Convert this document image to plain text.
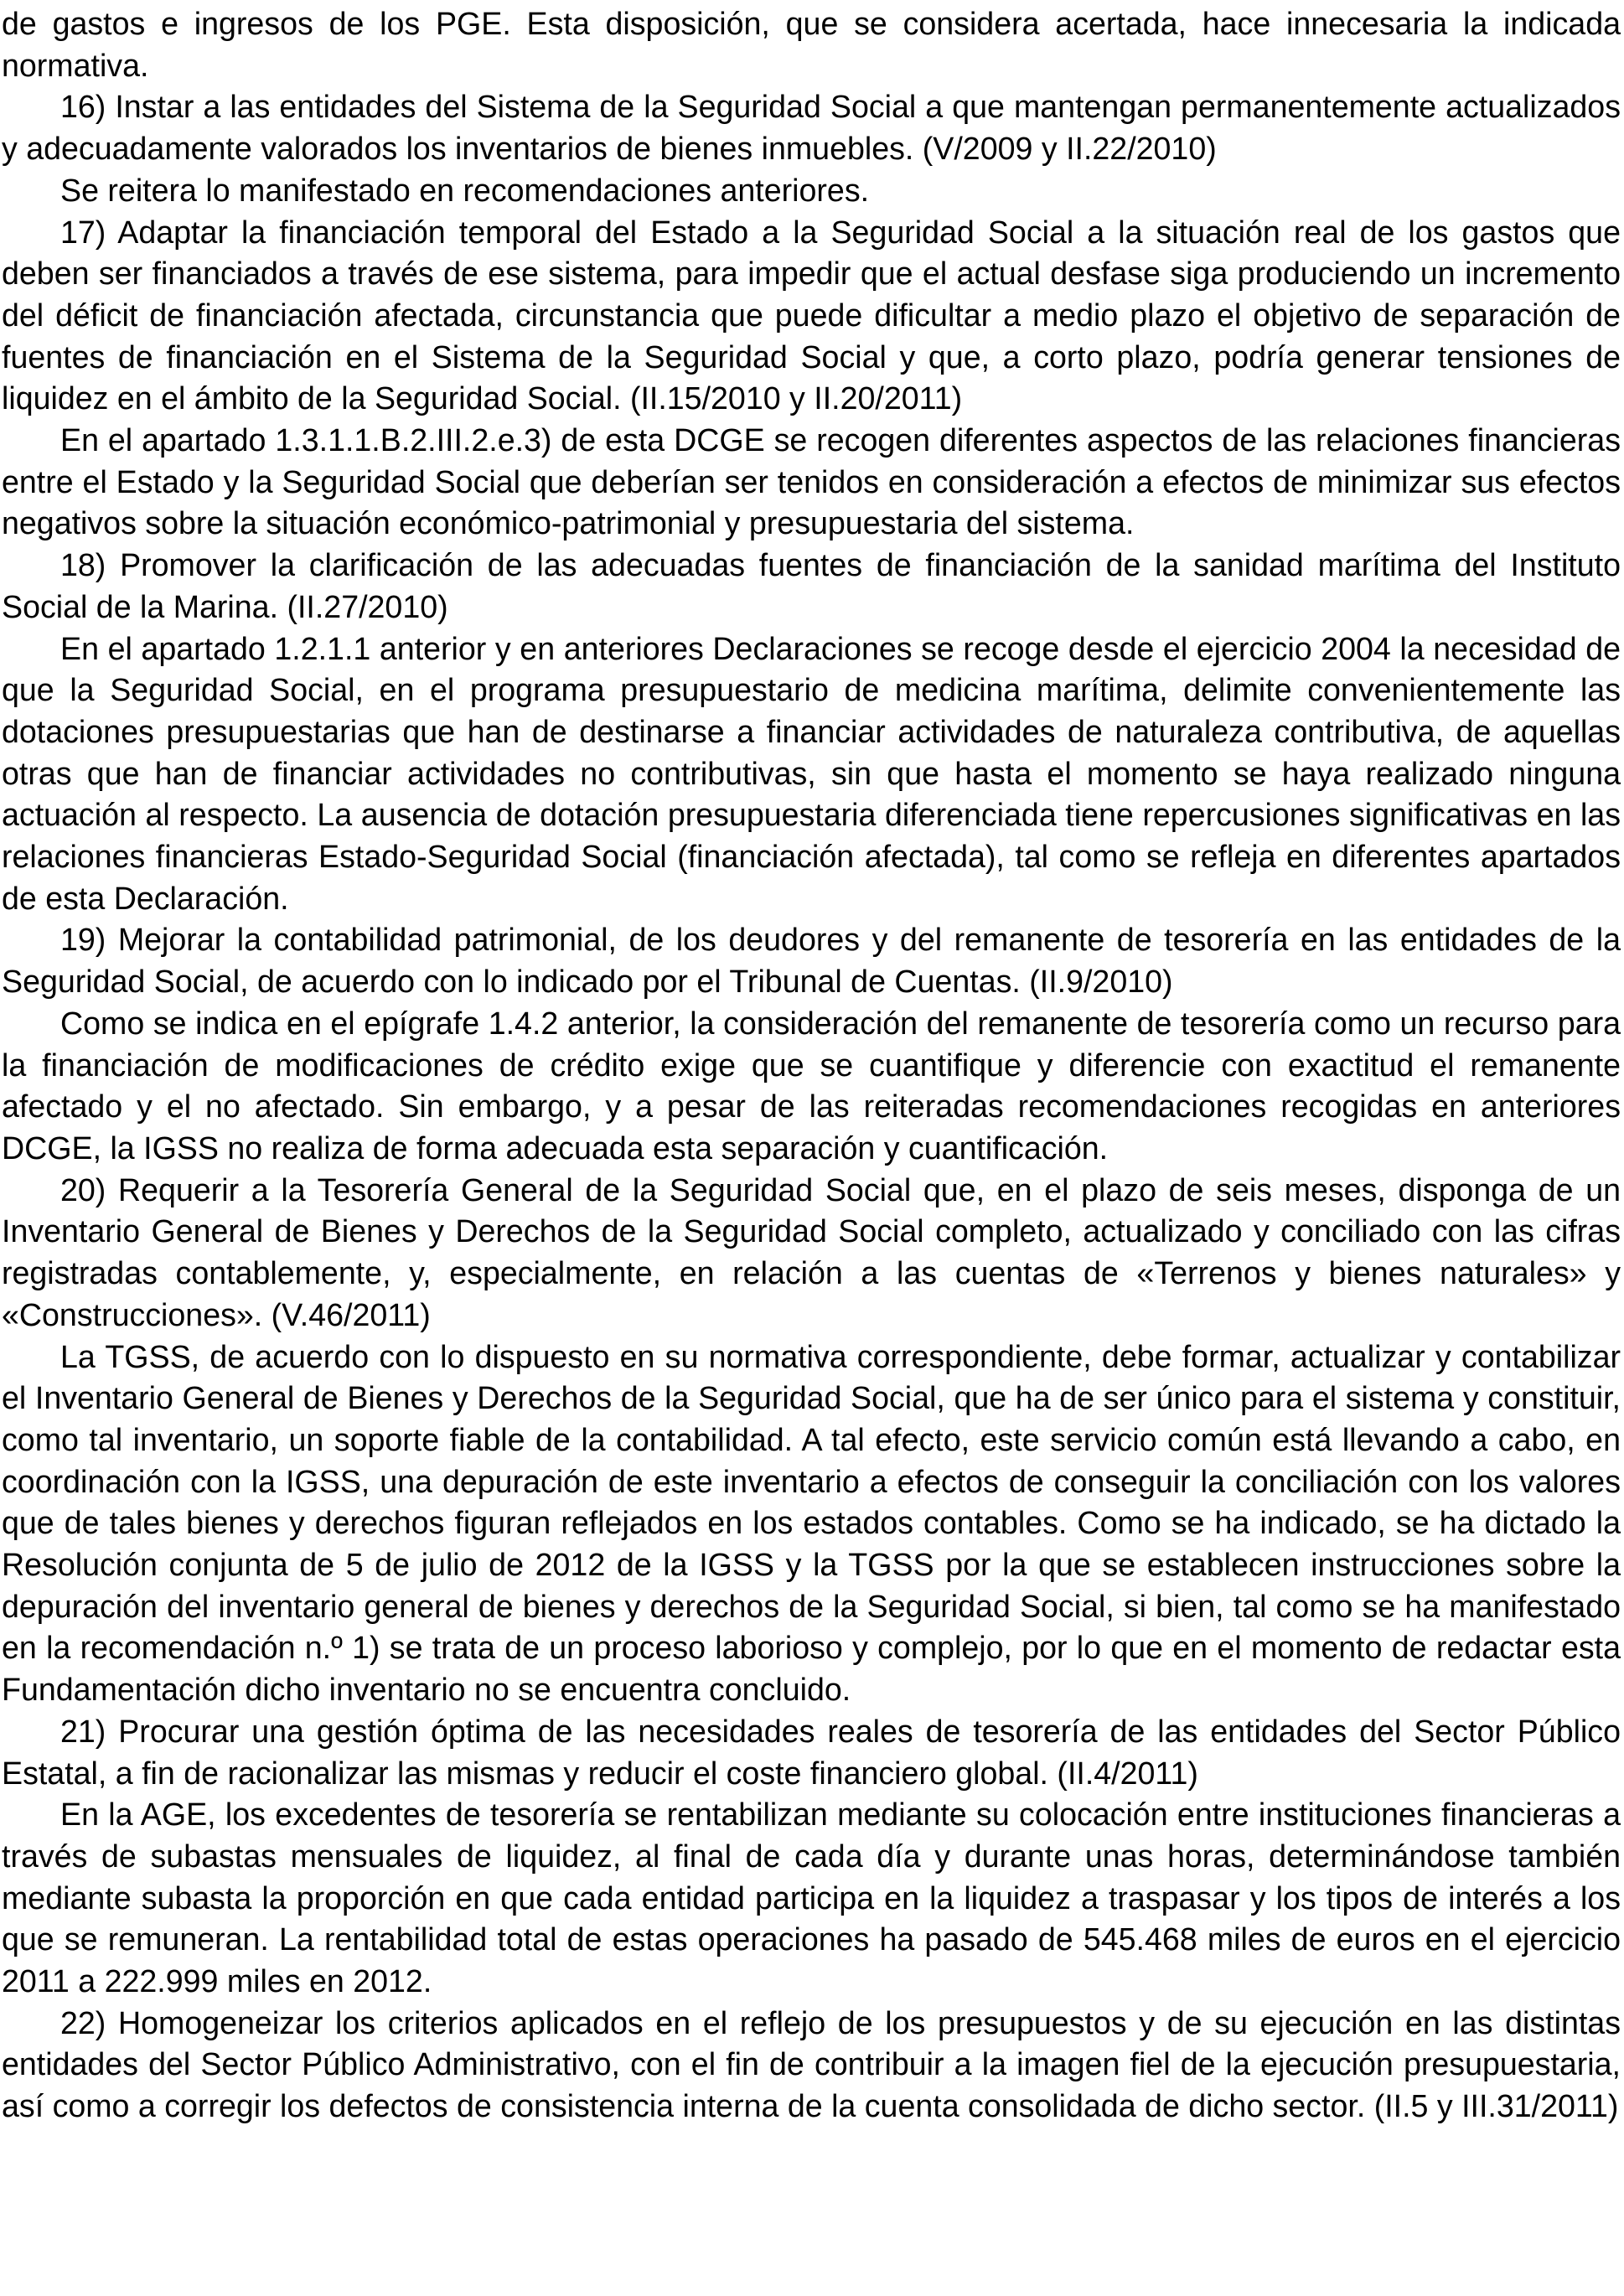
de gastos e ingresos de los PGE. Esta disposición, que se considera acertada, hace innecesaria la indicada normativa.

16) Instar a las entidades del Sistema de la Seguridad Social a que mantengan permanentemente actualizados y adecuadamente valorados los inventarios de bienes inmuebles. (V/2009 y II.22/2010)

Se reitera lo manifestado en recomendaciones anteriores.

17) Adaptar la financiación temporal del Estado a la Seguridad Social a la situación real de los gastos que deben ser financiados a través de ese sistema, para impedir que el actual desfase siga produciendo un incremento del déficit de financiación afectada, circunstancia que puede dificultar a medio plazo el objetivo de separación de fuentes de financiación en el Sistema de la Seguridad Social y que, a corto plazo, podría generar tensiones de liquidez en el ámbito de la Seguridad Social. (II.15/2010 y II.20/2011)

En el apartado 1.3.1.1.B.2.III.2.e.3) de esta DCGE se recogen diferentes aspectos de las relaciones financieras entre el Estado y la Seguridad Social que deberían ser tenidos en consideración a efectos de minimizar sus efectos negativos sobre la situación económico-patrimonial y presupuestaria del sistema.

18) Promover la clarificación de las adecuadas fuentes de financiación de la sanidad marítima del Instituto Social de la Marina. (II.27/2010)

En el apartado 1.2.1.1 anterior y en anteriores Declaraciones se recoge desde el ejercicio 2004 la necesidad de que la Seguridad Social, en el programa presupuestario de medicina marítima, delimite convenientemente las dotaciones presupuestarias que han de destinarse a financiar actividades de naturaleza contributiva, de aquellas otras que han de financiar actividades no contributivas, sin que hasta el momento se haya realizado ninguna actuación al respecto. La ausencia de dotación presupuestaria diferenciada tiene repercusiones significativas en las relaciones financieras Estado-Seguridad Social (financiación afectada), tal como se refleja en diferentes apartados de esta Declaración.

19) Mejorar la contabilidad patrimonial, de los deudores y del remanente de tesorería en las entidades de la Seguridad Social, de acuerdo con lo indicado por el Tribunal de Cuentas. (II.9/2010)

Como se indica en el epígrafe 1.4.2 anterior, la consideración del remanente de tesorería como un recurso para la financiación de modificaciones de crédito exige que se cuantifique y diferencie con exactitud el remanente afectado y el no afectado. Sin embargo, y a pesar de las reiteradas recomendaciones recogidas en anteriores DCGE, la IGSS no realiza de forma adecuada esta separación y cuantificación.

20) Requerir a la Tesorería General de la Seguridad Social que, en el plazo de seis meses, disponga de un Inventario General de Bienes y Derechos de la Seguridad Social completo, actualizado y conciliado con las cifras registradas contablemente, y, especialmente, en relación a las cuentas de «Terrenos y bienes naturales» y «Construcciones». (V.46/2011)

La TGSS, de acuerdo con lo dispuesto en su normativa correspondiente, debe formar, actualizar y contabilizar el Inventario General de Bienes y Derechos de la Seguridad Social, que ha de ser único para el sistema y constituir, como tal inventario, un soporte fiable de la contabilidad. A tal efecto, este servicio común está llevando a cabo, en coordinación con la IGSS, una depuración de este inventario a efectos de conseguir la conciliación con los valores que de tales bienes y derechos figuran reflejados en los estados contables. Como se ha indicado, se ha dictado la Resolución conjunta de 5 de julio de 2012 de la IGSS y la TGSS por la que se establecen instrucciones sobre la depuración del inventario general de bienes y derechos de la Seguridad Social, si bien, tal como se ha manifestado en la recomendación n.º 1) se trata de un proceso laborioso y complejo, por lo que en el momento de redactar esta Fundamentación dicho inventario no se encuentra concluido.

21) Procurar una gestión óptima de las necesidades reales de tesorería de las entidades del Sector Público Estatal, a fin de racionalizar las mismas y reducir el coste financiero global. (II.4/2011)

En la AGE, los excedentes de tesorería se rentabilizan mediante su colocación entre instituciones financieras a través de subastas mensuales de liquidez, al final de cada día y durante unas horas, determinándose también mediante subasta la proporción en que cada entidad participa en la liquidez a traspasar y los tipos de interés a los que se remuneran. La rentabilidad total de estas operaciones ha pasado de 545.468 miles de euros en el ejercicio 2011 a 222.999 miles en 2012.

22) Homogeneizar los criterios aplicados en el reflejo de los presupuestos y de su ejecución en las distintas entidades del Sector Público Administrativo, con el fin de contribuir a la imagen fiel de la ejecución presupuestaria, así como a corregir los defectos de consistencia interna de la cuenta consolidada de dicho sector. (II.5 y III.31/2011)
